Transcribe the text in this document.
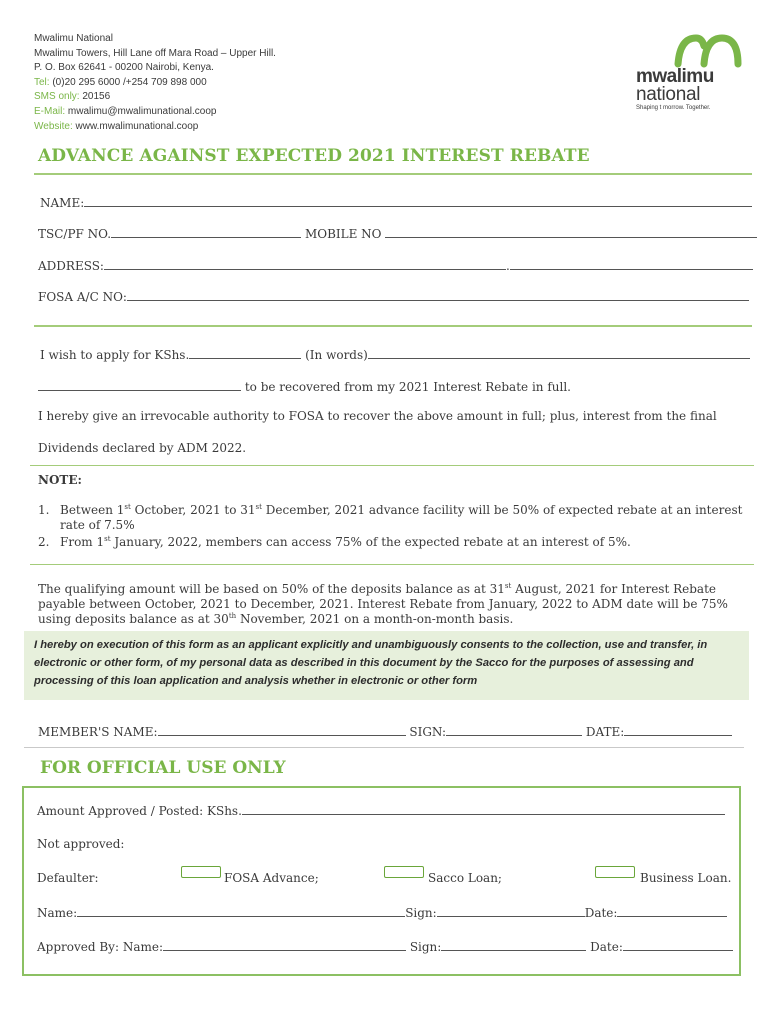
Mwalimu National
Mwalimu Towers, Hill Lane off Mara Road – Upper Hill.
P. O. Box 62641 - 00200 Nairobi, Kenya.
Tel: (0)20 295 6000 /+254 709 898 000
SMS only: 20156
E-Mail: mwalimu@mwalimunational.coop
Website: www.mwalimunational.coop
mwalimu
national
Shaping t morrow. Together.
ADVANCE AGAINST EXPECTED 2021 INTEREST REBATE
NAME:
TSC/PF NO.	MOBILE NO
ADDRESS:	.
FOSA A/C NO:
I wish to apply for KShs.	(In words)
to be recovered from my 2021 Interest Rebate in full.
I hereby give an irrevocable authority to FOSA to recover the above amount in full; plus, interest from the final
Dividends declared by ADM 2022.
NOTE:
1. Between 1st October, 2021 to 31st December, 2021 advance facility will be 50% of expected rebate at an interest rate of 7.5%
2. From 1st January, 2022, members can access 75% of the expected rebate at an interest of 5%.
The qualifying amount will be based on 50% of the deposits balance as at 31st August, 2021 for Interest Rebate payable between October, 2021 to December, 2021. Interest Rebate from January, 2022 to ADM date will be 75% using deposits balance as at 30th November, 2021 on a month-on-month basis.
I hereby on execution of this form as an applicant explicitly and unambiguously consents to the collection, use and transfer, in electronic or other form, of my personal data as described in this document by the Sacco for the purposes of assessing and processing of this loan application and analysis whether in electronic or other form
MEMBER'S NAME:	SIGN:	DATE:
FOR OFFICIAL USE ONLY
Amount Approved / Posted: KShs.
Not approved:
Defaulter:	FOSA Advance;	Sacco Loan;	Business Loan.
Name:	Sign:	Date:
Approved By: Name:	Sign:	Date:
